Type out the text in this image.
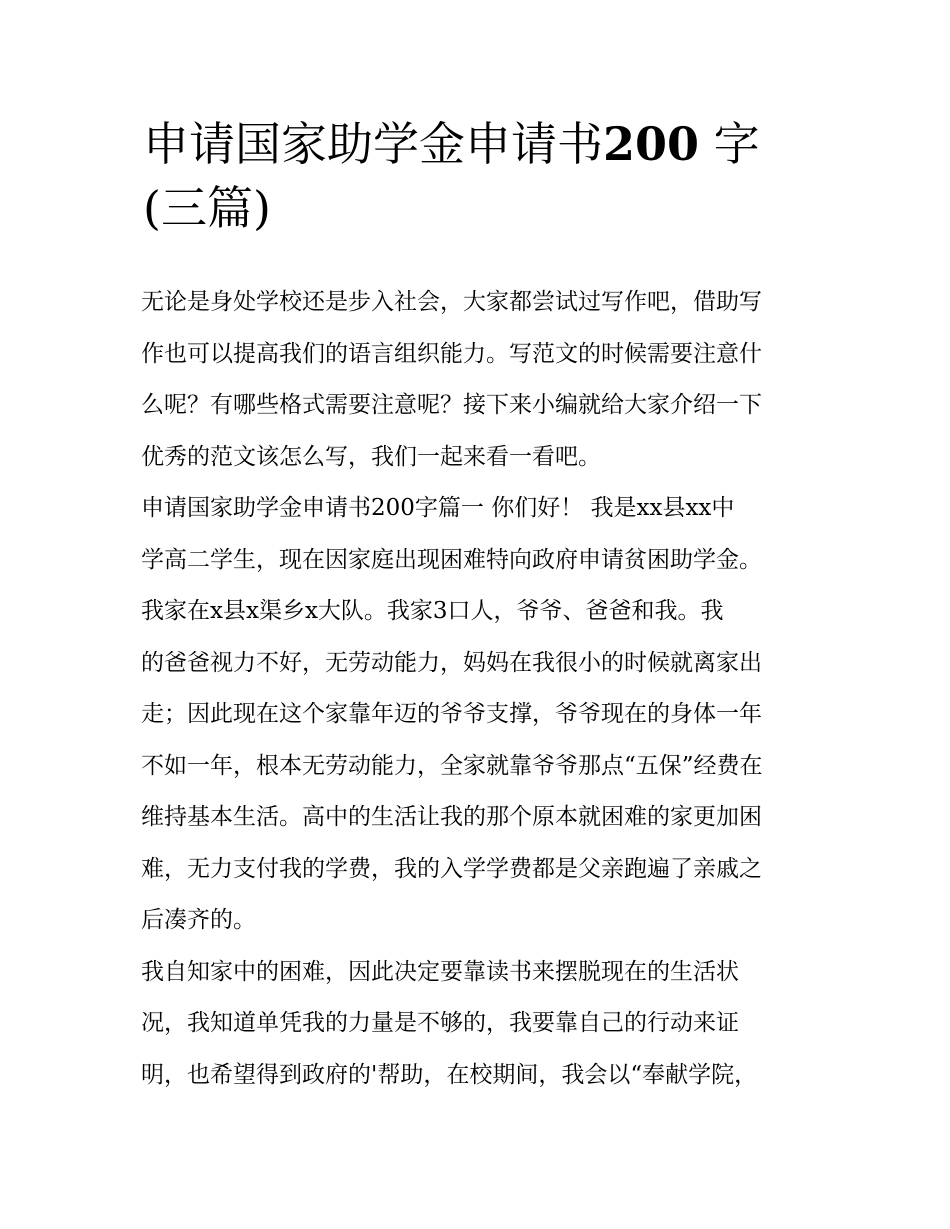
申请国家助学金申请书200 字
(三篇)
无论是身处学校还是步入社会，大家都尝试过写作吧，借助写
作也可以提高我们的语言组织能力。写范文的时候需要注意什
么呢？有哪些格式需要注意呢？接下来小编就给大家介绍一下
优秀的范文该怎么写，我们一起来看一看吧。
申请国家助学金申请书200字篇一 你们好！ 我是xx县xx中
学高二学生，现在因家庭出现困难特向政府申请贫困助学金。
我家在x县x渠乡x大队。我家3口人，爷爷、爸爸和我。我
的爸爸视力不好，无劳动能力，妈妈在我很小的时候就离家出
走；因此现在这个家靠年迈的爷爷支撑，爷爷现在的身体一年
不如一年，根本无劳动能力，全家就靠爷爷那点“五保”经费在
维持基本生活。高中的生活让我的那个原本就困难的家更加困
难，无力支付我的学费，我的入学学费都是父亲跑遍了亲戚之
后凑齐的。
我自知家中的困难，因此决定要靠读书来摆脱现在的生活状
况，我知道单凭我的力量是不够的，我要靠自己的行动来证
明，也希望得到政府的'帮助，在校期间，我会以“奉献学院，
